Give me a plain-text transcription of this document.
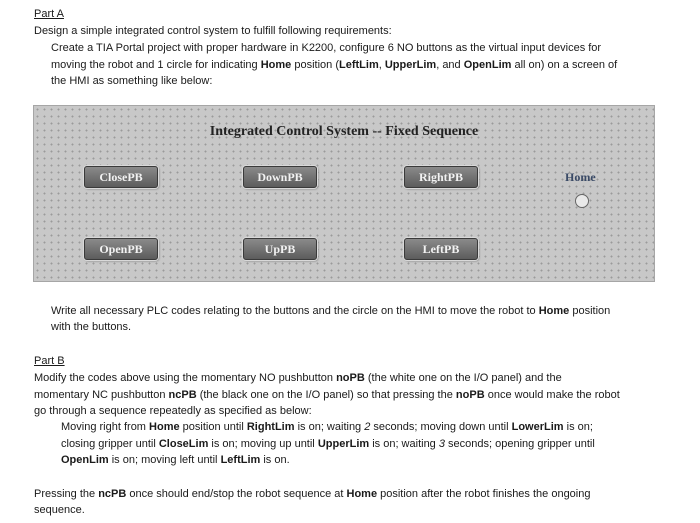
Part A
Design a simple integrated control system to fulfill following requirements:
Create a TIA Portal project with proper hardware in K2200, configure 6 NO buttons as the virtual input devices for
moving the robot and 1 circle for indicating Home position (LeftLim, UpperLim, and OpenLim all on) on a screen of
the HMI as something like below:
Integrated Control System -- Fixed Sequence
ClosePB	DownPB	RightPB
OpenPB	UpPB	LeftPB
Home
Write all necessary PLC codes relating to the buttons and the circle on the HMI to move the robot to Home position
with the buttons.
Part B
Modify the codes above using the momentary NO pushbutton noPB (the white one on the I/O panel) and the
momentary NC pushbutton ncPB (the black one on the I/O panel) so that pressing the noPB once would make the robot
go through a sequence repeatedly as specified as below:
Moving right from Home position until RightLim is on; waiting 2 seconds; moving down until LowerLim is on;
closing gripper until CloseLim is on; moving up until UpperLim is on; waiting 3 seconds; opening gripper until
OpenLim is on; moving left until LeftLim is on.
Pressing the ncPB once should end/stop the robot sequence at Home position after the robot finishes the ongoing
sequence.
